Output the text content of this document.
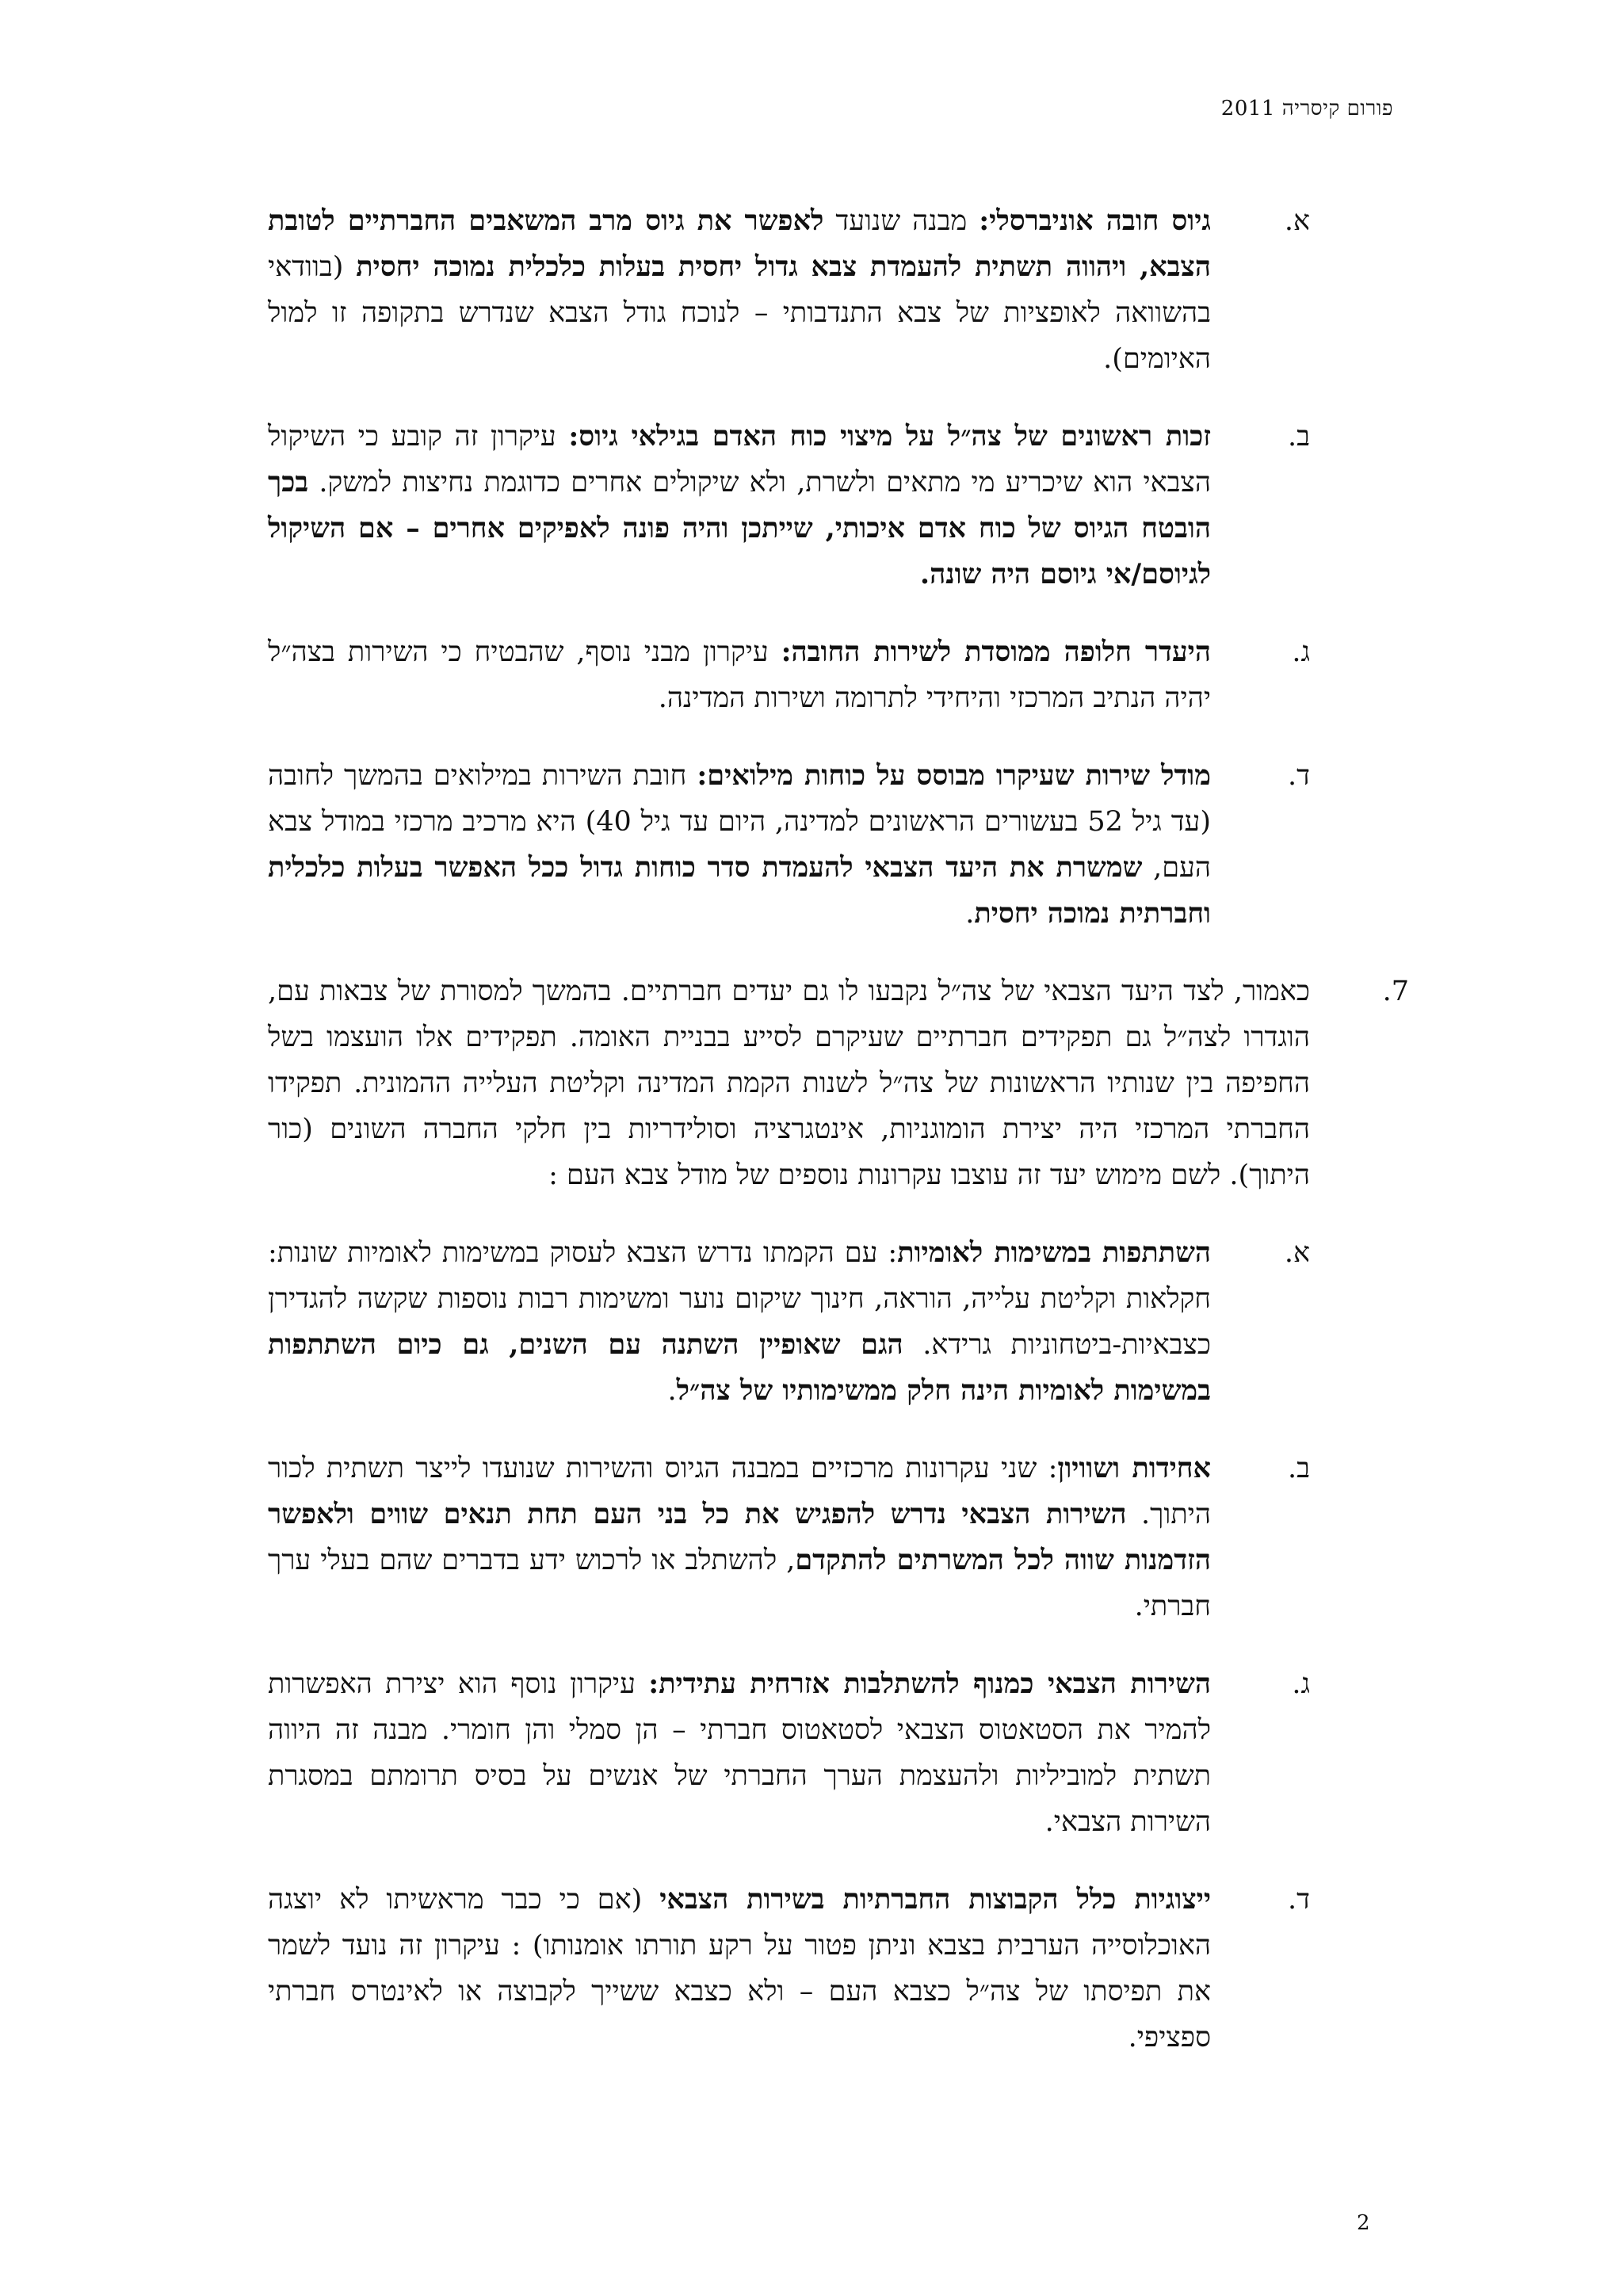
פורום קיסריה 2011
א.
גיוס חובה אוניברסלי: מבנה שנועד לאפשר את גיוס מרב המשאבים החברתיים לטובת הצבא, ויהווה תשתית להעמדת צבא גדול יחסית בעלות כלכלית נמוכה יחסית (בוודאי בהשוואה לאופציות של צבא התנדבותי – לנוכח גודל הצבא שנדרש בתקופה זו למול האיומים).
ב.
זכות ראשונים של צה״ל על מיצוי כוח האדם בגילאי גיוס: עיקרון זה קובע כי השיקול הצבאי הוא שיכריע מי מתאים ולשרת, ולא שיקולים אחרים כדוגמת נחיצות למשק. בכך הובטח הגיוס של כוח אדם איכותי, שייתכן והיה פונה לאפיקים אחרים – אם השיקול לגיוסם/אי גיוסם היה שונה.
ג.
היעדר חלופה ממוסדת לשירות החובה: עיקרון מבני נוסף, שהבטיח כי השירות בצה״ל יהיה הנתיב המרכזי והיחידי לתרומה ושירות המדינה.
ד.
מודל שירות שעיקרו מבוסס על כוחות מילואים: חובת השירות במילואים בהמשך לחובה (עד גיל 52 בעשורים הראשונים למדינה, היום עד גיל 40) היא מרכיב מרכזי במודל צבא העם, שמשרת את היעד הצבאי להעמדת סדר כוחות גדול ככל האפשר בעלות כלכלית וחברתית נמוכה יחסית.
7.
כאמור, לצד היעד הצבאי של צה״ל נקבעו לו גם יעדים חברתיים. בהמשך למסורת של צבאות עם, הוגדרו לצה״ל גם תפקידים חברתיים שעיקרם לסייע בבניית האומה. תפקידים אלו הועצמו בשל החפיפה בין שנותיו הראשונות של צה״ל לשנות הקמת המדינה וקליטת העלייה ההמונית. תפקידו החברתי המרכזי היה יצירת הומוגניות, אינטגרציה וסולידריות בין חלקי החברה השונים (כור היתוך). לשם מימוש יעד זה עוצבו עקרונות נוספים של מודל צבא העם :
א.
השתתפות במשימות לאומיות: עם הקמתו נדרש הצבא לעסוק במשימות לאומיות שונות: חקלאות וקליטת עלייה, הוראה, חינוך שיקום נוער ומשימות רבות נוספות שקשה להגדירן כצבאיות-ביטחוניות גרידא. הגם שאופיין השתנה עם השנים, גם כיום השתתפות במשימות לאומיות הינה חלק ממשימותיו של צה״ל.
ב.
אחידות ושוויון: שני עקרונות מרכזיים במבנה הגיוס והשירות שנועדו לייצר תשתית לכור היתוך. השירות הצבאי נדרש להפגיש את כל בני העם תחת תנאים שווים ולאפשר הזדמנות שווה לכל המשרתים להתקדם, להשתלב או לרכוש ידע בדברים שהם בעלי ערך חברתי.
ג.
השירות הצבאי כמנוף להשתלבות אזרחית עתידית: עיקרון נוסף הוא יצירת האפשרות להמיר את הסטאטוס הצבאי לסטאטוס חברתי – הן סמלי והן חומרי. מבנה זה היווה תשתית למוביליות ולהעצמת הערך החברתי של אנשים על בסיס תרומתם במסגרת השירות הצבאי.
ד.
ייצוגיות כלל הקבוצות החברתיות בשירות הצבאי (אם כי כבר מראשיתו לא יוצגה האוכלוסייה הערבית בצבא וניתן פטור על רקע תורתו אומנותו) : עיקרון זה נועד לשמר את תפיסתו של צה״ל כצבא העם – ולא כצבא ששייך לקבוצה או לאינטרס חברתי ספציפי.
2
